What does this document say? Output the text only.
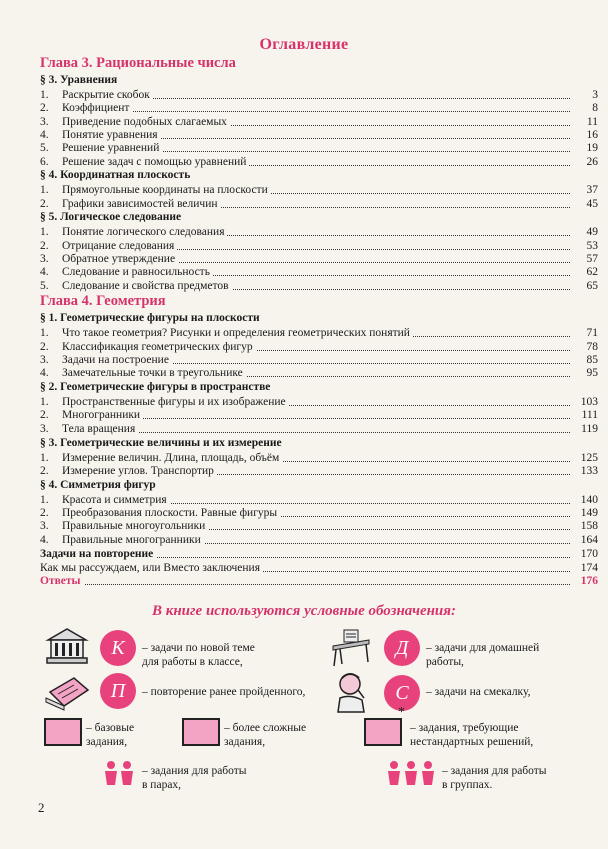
Оглавление
Глава 3. Рациональные числа
§ 3. Уравнения
1. Раскрытие скобок	3
2. Коэффициент	8
3. Приведение подобных слагаемых	11
4. Понятие уравнения	16
5. Решение уравнений	19
6. Решение задач с помощью уравнений	26
§ 4. Координатная плоскость
1. Прямоугольные координаты на плоскости	37
2. Графики зависимостей величин	45
§ 5. Логическое следование
1. Понятие логического следования	49
2. Отрицание следования	53
3. Обратное утверждение	57
4. Следование и равносильность	62
5. Следование и свойства предметов	65
Глава 4. Геометрия
§ 1. Геометрические фигуры на плоскости
1. Что такое геометрия? Рисунки и определения геометрических понятий	71
2. Классификация геометрических фигур	78
3. Задачи на построение	85
4. Замечательные точки в треугольнике	95
§ 2. Геометрические фигуры в пространстве
1. Пространственные фигуры и их изображение	103
2. Многогранники	111
3. Тела вращения	119
§ 3. Геометрические величины и их измерение
1. Измерение величин. Длина, площадь, объём	125
2. Измерение углов. Транспортир	133
§ 4. Симметрия фигур
1. Красота и симметрия	140
2. Преобразования плоскости. Равные фигуры	149
3. Правильные многоугольники	158
4. Правильные многогранники	164
Задачи на повторение	170
Как мы рассуждаем, или Вместо заключения	174
Ответы	176
В книге используются условные обозначения:
К	– задачи по новой теме
для работы в классе,
Д	– задачи для домашней
работы,
П	– повторение ранее пройденного,	С	– задачи на смекалку,
– базовые
задания,
– более сложные
задания,
*
– задания, требующие
нестандартных решений,
– задания для работы
в парах,
– задания для работы
в группах.
2
